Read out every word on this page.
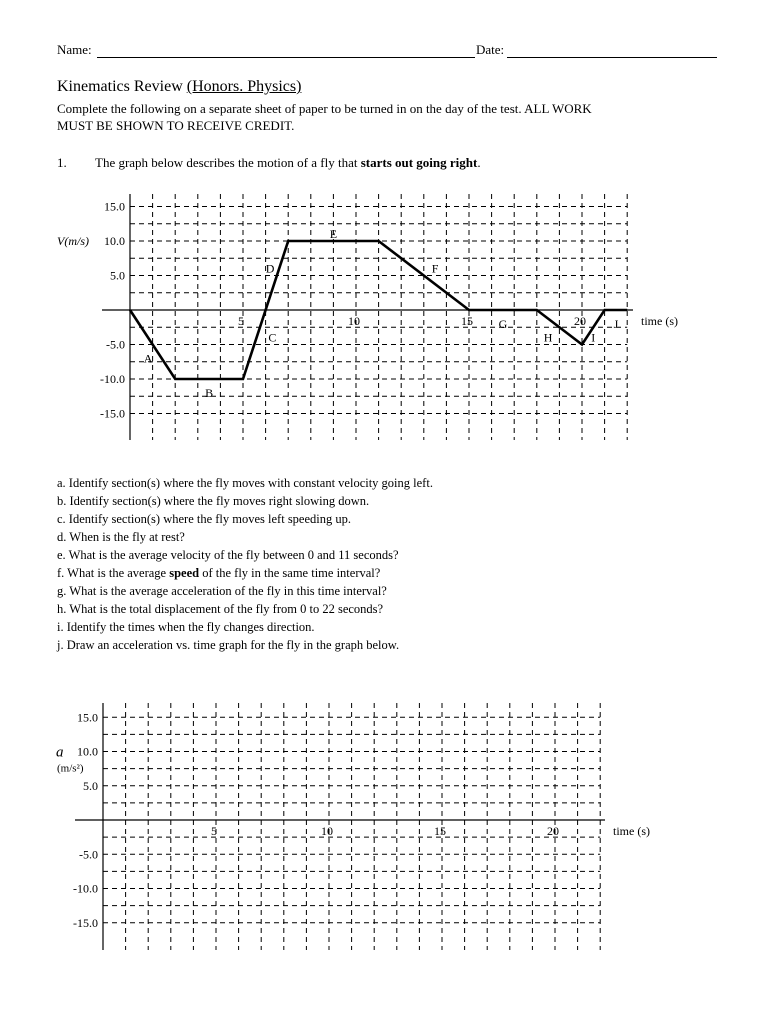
Name:	Date:
Kinematics Review (Honors. Physics)
Complete the following on a separate sheet of paper to be turned in on the day of the test. ALL WORK
MUST BE SHOWN TO RECEIVE CREDIT.
1. The graph below describes the motion of a fly that starts out going right.
15.0
10.0
5.0
-5.0
-10.0
-15.0
5	10	15	20	time (s)
V(m/s)
A
B
C
D
E
F
G
H	I
J
a. Identify section(s) where the fly moves with constant velocity going left.
b. Identify section(s) where the fly moves right slowing down.
c. Identify section(s) where the fly moves left speeding up.
d. When is the fly at rest?
e. What is the average velocity of the fly between 0 and 11 seconds?
f. What is the average speed of the fly in the same time interval?
g. What is the average acceleration of the fly in this time interval?
h. What is the total displacement of the fly from 0 to 22 seconds?
i. Identify the times when the fly changes direction.
j. Draw an acceleration vs. time graph for the fly in the graph below.
15.0
10.0
5.0
-5.0
-10.0
-15.0
5	10	15	20	time (s)
a
(m/s²)
